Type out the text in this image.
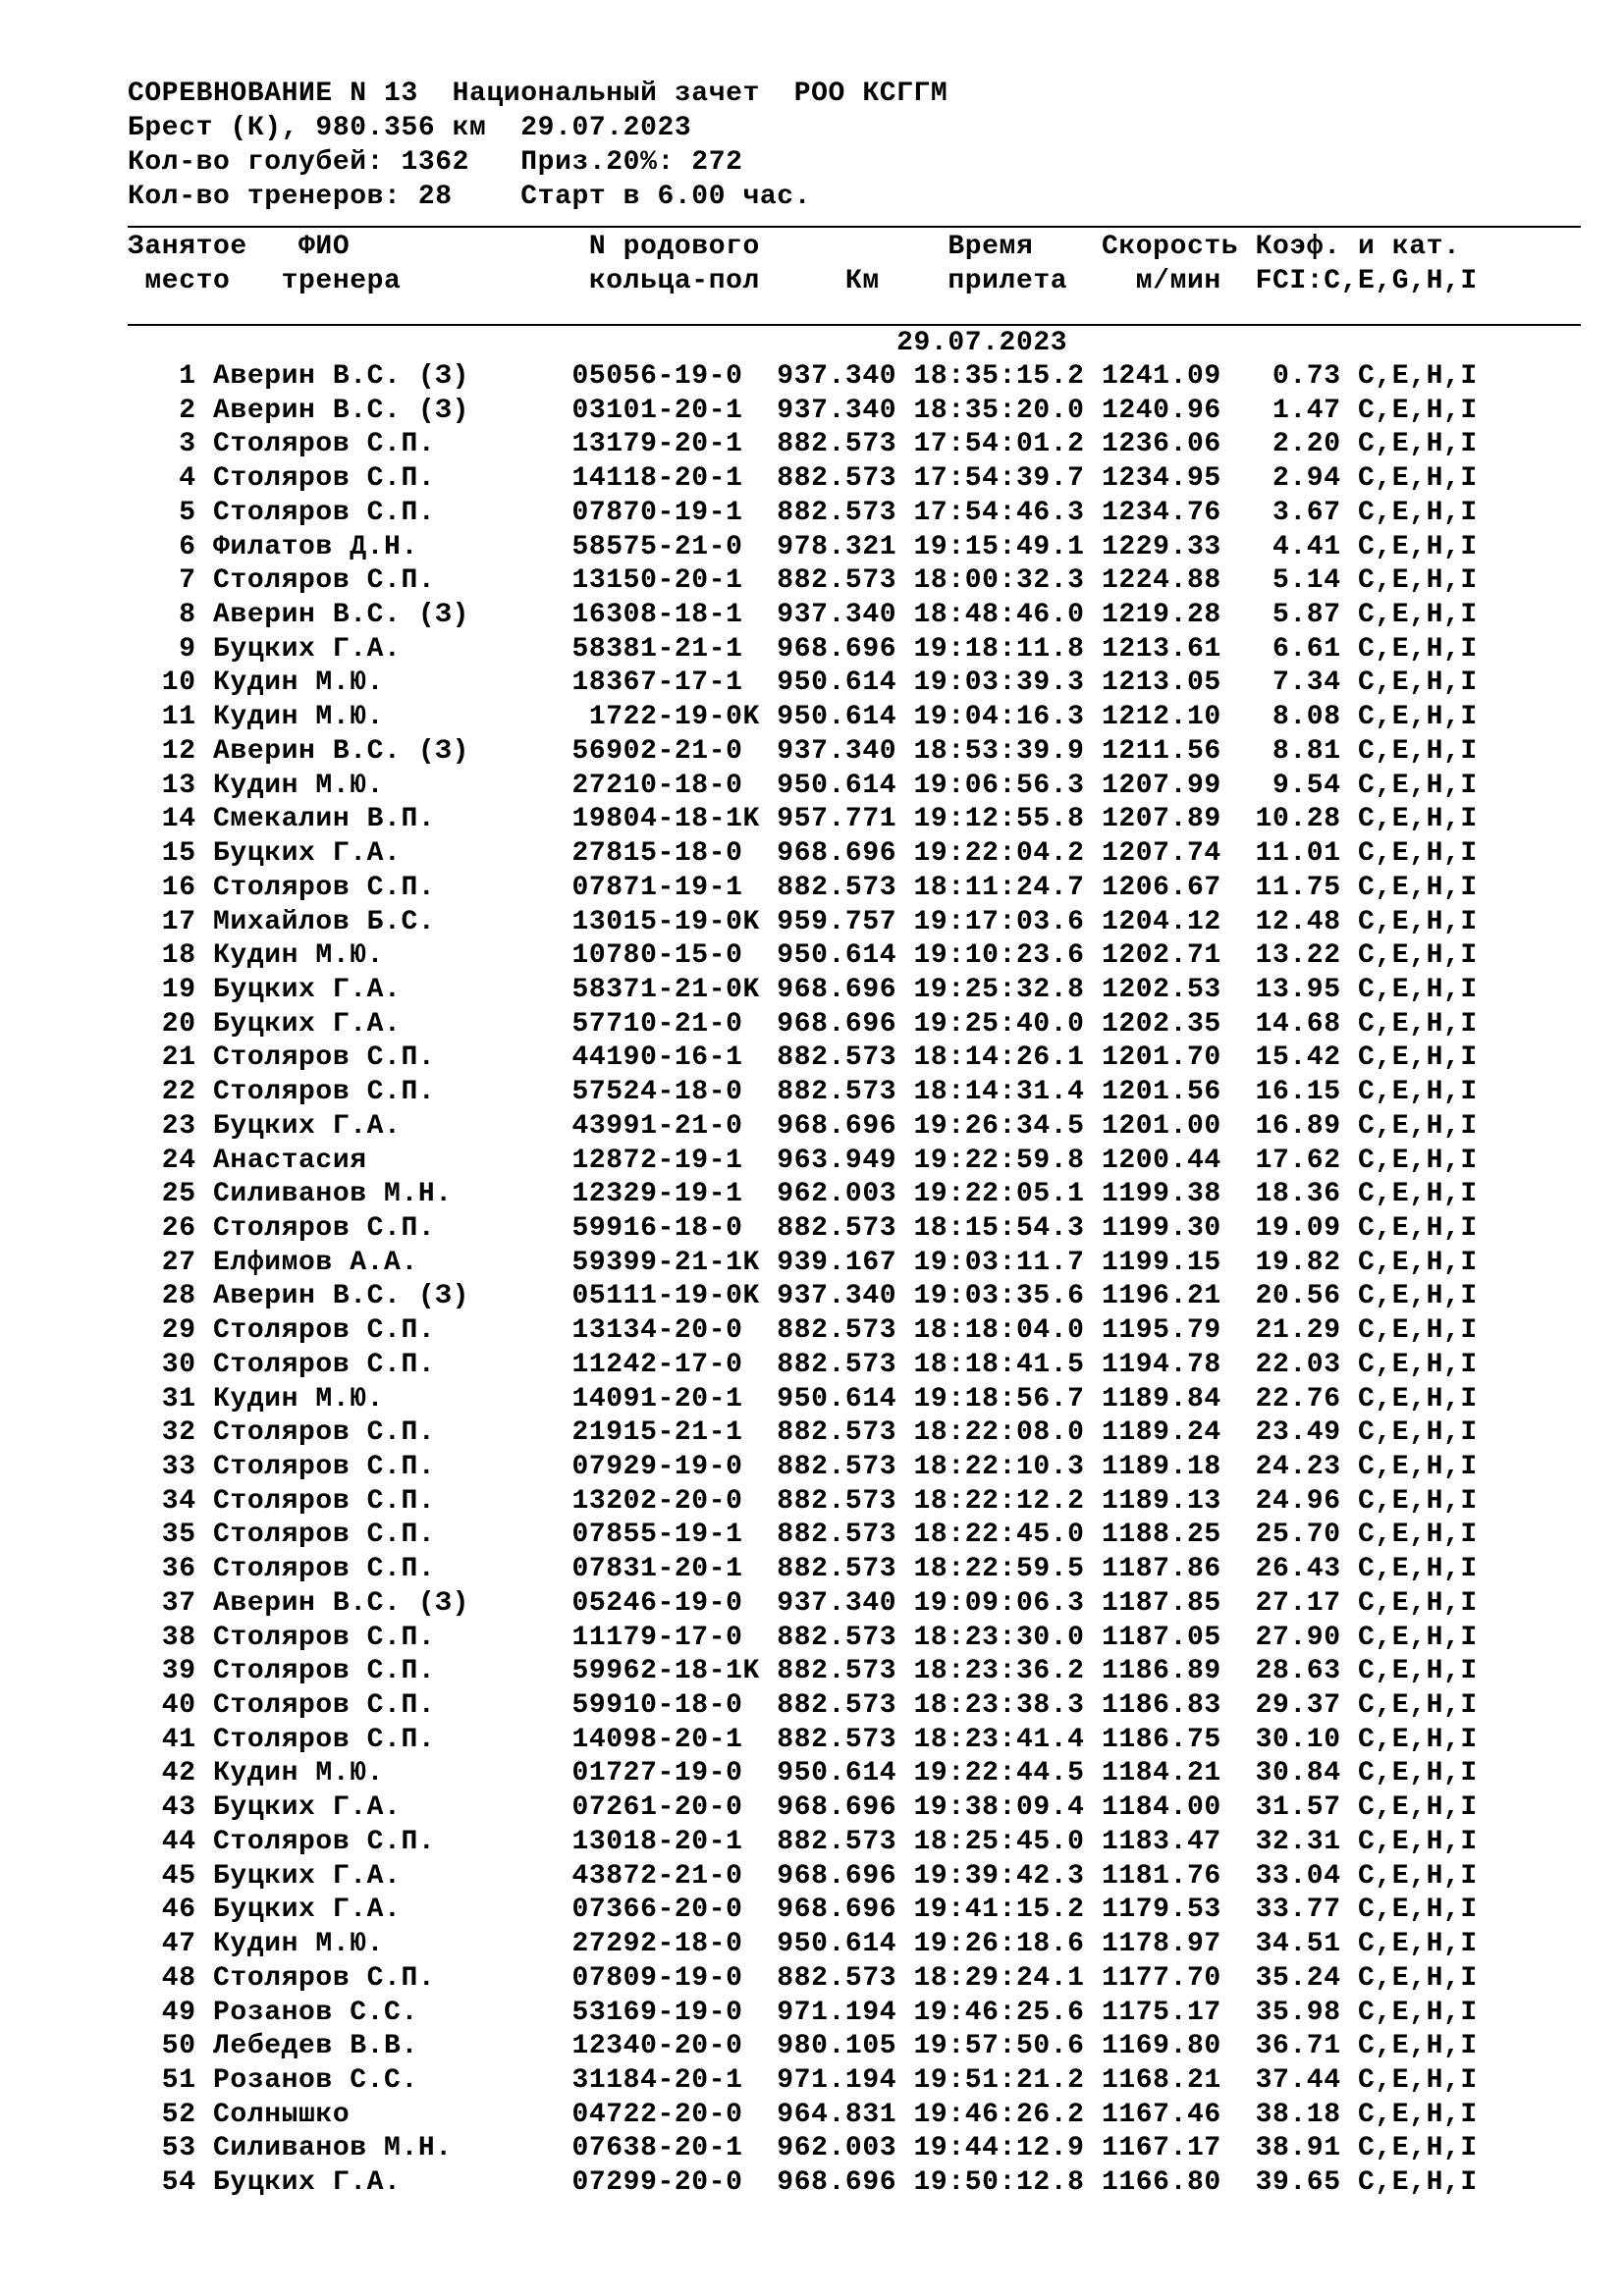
СОРЕВНОВАНИЕ N 13  Национальный зачет  РОО КСГГМ
Брест (К), 980.356 км  29.07.2023
Кол-во голубей: 1362   Приз.20%: 272
Кол-во тренеров: 28    Старт в 6.00 час.
Занятое   ФИО              N родового           Время    Скорость Коэф. и кат.
место   тренера           кольца-пол     Км    прилета    м/мин  FCI:C,E,G,H,I
29.07.2023
1 Аверин В.С. (З)      05056-19-0  937.340 18:35:15.2 1241.09   0.73 C,E,H,I
2 Аверин В.С. (З)      03101-20-1  937.340 18:35:20.0 1240.96   1.47 C,E,H,I
3 Столяров С.П.        13179-20-1  882.573 17:54:01.2 1236.06   2.20 C,E,H,I
4 Столяров С.П.        14118-20-1  882.573 17:54:39.7 1234.95   2.94 C,E,H,I
5 Столяров С.П.        07870-19-1  882.573 17:54:46.3 1234.76   3.67 C,E,H,I
6 Филатов Д.Н.         58575-21-0  978.321 19:15:49.1 1229.33   4.41 C,E,H,I
7 Столяров С.П.        13150-20-1  882.573 18:00:32.3 1224.88   5.14 C,E,H,I
8 Аверин В.С. (З)      16308-18-1  937.340 18:48:46.0 1219.28   5.87 C,E,H,I
9 Буцких Г.А.          58381-21-1  968.696 19:18:11.8 1213.61   6.61 C,E,H,I
10 Кудин М.Ю.           18367-17-1  950.614 19:03:39.3 1213.05   7.34 C,E,H,I
11 Кудин М.Ю.            1722-19-0K 950.614 19:04:16.3 1212.10   8.08 C,E,H,I
12 Аверин В.С. (З)      56902-21-0  937.340 18:53:39.9 1211.56   8.81 C,E,H,I
13 Кудин М.Ю.           27210-18-0  950.614 19:06:56.3 1207.99   9.54 C,E,H,I
14 Смекалин В.П.        19804-18-1K 957.771 19:12:55.8 1207.89  10.28 C,E,H,I
15 Буцких Г.А.          27815-18-0  968.696 19:22:04.2 1207.74  11.01 C,E,H,I
16 Столяров С.П.        07871-19-1  882.573 18:11:24.7 1206.67  11.75 C,E,H,I
17 Михайлов Б.С.        13015-19-0K 959.757 19:17:03.6 1204.12  12.48 C,E,H,I
18 Кудин М.Ю.           10780-15-0  950.614 19:10:23.6 1202.71  13.22 C,E,H,I
19 Буцких Г.А.          58371-21-0K 968.696 19:25:32.8 1202.53  13.95 C,E,H,I
20 Буцких Г.А.          57710-21-0  968.696 19:25:40.0 1202.35  14.68 C,E,H,I
21 Столяров С.П.        44190-16-1  882.573 18:14:26.1 1201.70  15.42 C,E,H,I
22 Столяров С.П.        57524-18-0  882.573 18:14:31.4 1201.56  16.15 C,E,H,I
23 Буцких Г.А.          43991-21-0  968.696 19:26:34.5 1201.00  16.89 C,E,H,I
24 Анастасия            12872-19-1  963.949 19:22:59.8 1200.44  17.62 C,E,H,I
25 Силиванов М.Н.       12329-19-1  962.003 19:22:05.1 1199.38  18.36 C,E,H,I
26 Столяров С.П.        59916-18-0  882.573 18:15:54.3 1199.30  19.09 C,E,H,I
27 Елфимов А.А.         59399-21-1K 939.167 19:03:11.7 1199.15  19.82 C,E,H,I
28 Аверин В.С. (З)      05111-19-0K 937.340 19:03:35.6 1196.21  20.56 C,E,H,I
29 Столяров С.П.        13134-20-0  882.573 18:18:04.0 1195.79  21.29 C,E,H,I
30 Столяров С.П.        11242-17-0  882.573 18:18:41.5 1194.78  22.03 C,E,H,I
31 Кудин М.Ю.           14091-20-1  950.614 19:18:56.7 1189.84  22.76 C,E,H,I
32 Столяров С.П.        21915-21-1  882.573 18:22:08.0 1189.24  23.49 C,E,H,I
33 Столяров С.П.        07929-19-0  882.573 18:22:10.3 1189.18  24.23 C,E,H,I
34 Столяров С.П.        13202-20-0  882.573 18:22:12.2 1189.13  24.96 C,E,H,I
35 Столяров С.П.        07855-19-1  882.573 18:22:45.0 1188.25  25.70 C,E,H,I
36 Столяров С.П.        07831-20-1  882.573 18:22:59.5 1187.86  26.43 C,E,H,I
37 Аверин В.С. (З)      05246-19-0  937.340 19:09:06.3 1187.85  27.17 C,E,H,I
38 Столяров С.П.        11179-17-0  882.573 18:23:30.0 1187.05  27.90 C,E,H,I
39 Столяров С.П.        59962-18-1K 882.573 18:23:36.2 1186.89  28.63 C,E,H,I
40 Столяров С.П.        59910-18-0  882.573 18:23:38.3 1186.83  29.37 C,E,H,I
41 Столяров С.П.        14098-20-1  882.573 18:23:41.4 1186.75  30.10 C,E,H,I
42 Кудин М.Ю.           01727-19-0  950.614 19:22:44.5 1184.21  30.84 C,E,H,I
43 Буцких Г.А.          07261-20-0  968.696 19:38:09.4 1184.00  31.57 C,E,H,I
44 Столяров С.П.        13018-20-1  882.573 18:25:45.0 1183.47  32.31 C,E,H,I
45 Буцких Г.А.          43872-21-0  968.696 19:39:42.3 1181.76  33.04 C,E,H,I
46 Буцких Г.А.          07366-20-0  968.696 19:41:15.2 1179.53  33.77 C,E,H,I
47 Кудин М.Ю.           27292-18-0  950.614 19:26:18.6 1178.97  34.51 C,E,H,I
48 Столяров С.П.        07809-19-0  882.573 18:29:24.1 1177.70  35.24 C,E,H,I
49 Розанов С.С.         53169-19-0  971.194 19:46:25.6 1175.17  35.98 C,E,H,I
50 Лебедев В.В.         12340-20-0  980.105 19:57:50.6 1169.80  36.71 C,E,H,I
51 Розанов С.С.         31184-20-1  971.194 19:51:21.2 1168.21  37.44 C,E,H,I
52 Солнышко             04722-20-0  964.831 19:46:26.2 1167.46  38.18 C,E,H,I
53 Силиванов М.Н.       07638-20-1  962.003 19:44:12.9 1167.17  38.91 C,E,H,I
54 Буцких Г.А.          07299-20-0  968.696 19:50:12.8 1166.80  39.65 C,E,H,I
